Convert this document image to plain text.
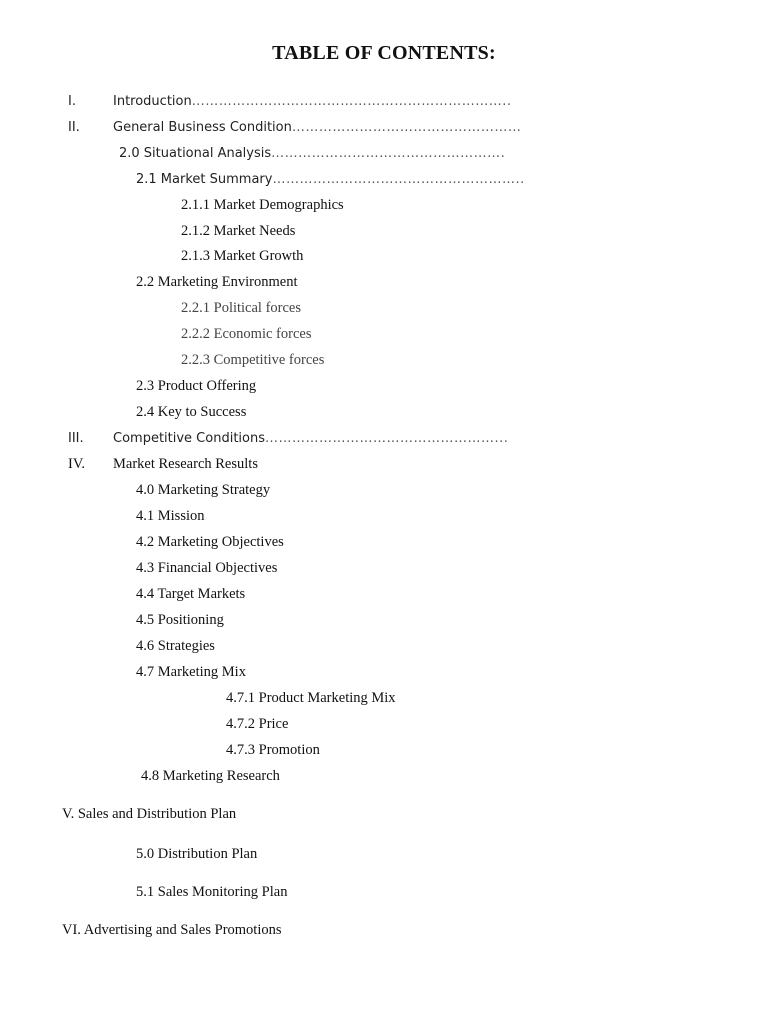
TABLE OF CONTENTS:
I.	Introduction……………………………………………………………..
II.	General Business Condition……………………………………………
2.0 Situational Analysis…………………………………………….
2.1 Market Summary………………………………………………..
2.1.1 Market Demographics
2.1.2 Market Needs
2.1.3 Market Growth
2.2 Marketing Environment
2.2.1 Political forces
2.2.2 Economic forces
2.2.3 Competitive forces
2.3 Product Offering
2.4 Key to Success
III. Competitive Conditions……………………………………………...
IV. Market Research Results
4.0 Marketing Strategy
4.1 Mission
4.2 Marketing Objectives
4.3 Financial Objectives
4.4 Target Markets
4.5 Positioning
4.6 Strategies
4.7 Marketing Mix
4.7.1 Product Marketing Mix
4.7.2 Price
4.7.3 Promotion
4.8 Marketing Research
V. Sales and Distribution Plan
5.0 Distribution Plan
5.1 Sales Monitoring Plan
VI. Advertising and Sales Promotions
